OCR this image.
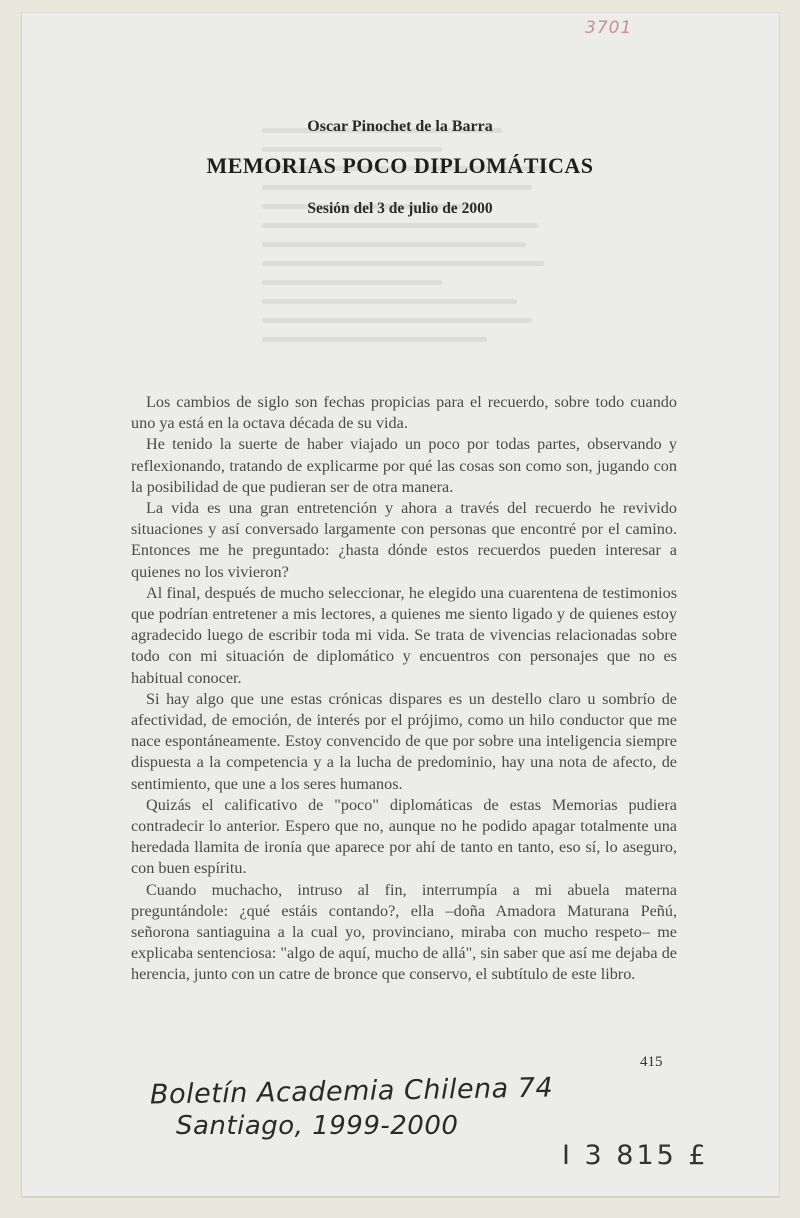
3701
Oscar Pinochet de la Barra
MEMORIAS POCO DIPLOMÁTICAS
Sesión del 3 de julio de 2000

Los cambios de siglo son fechas propicias para el recuerdo, sobre todo cuando uno ya está en la octava década de su vida.

He tenido la suerte de haber viajado un poco por todas partes, observando y reflexionando, tratando de explicarme por qué las cosas son como son, jugando con la posibilidad de que pudieran ser de otra manera.

La vida es una gran entretención y ahora a través del recuerdo he revivido situaciones y así conversado largamente con personas que encontré por el camino. Entonces me he preguntado: ¿hasta dónde estos recuerdos pueden interesar a quienes no los vivieron?

Al final, después de mucho seleccionar, he elegido una cuarentena de testimonios que podrían entretener a mis lectores, a quienes me siento ligado y de quienes estoy agradecido luego de escribir toda mi vida. Se trata de vivencias relacionadas sobre todo con mi situación de diplomático y encuentros con personajes que no es habitual conocer.

Si hay algo que une estas crónicas dispares es un destello claro u sombrío de afectividad, de emoción, de interés por el prójimo, como un hilo conductor que me nace espontáneamente. Estoy convencido de que por sobre una inteligencia siempre dispuesta a la competencia y a la lucha de predominio, hay una nota de afecto, de sentimiento, que une a los seres humanos.

Quizás el calificativo de "poco" diplomáticas de estas Memorias pudiera contradecir lo anterior. Espero que no, aunque no he podido apagar totalmente una heredada llamita de ironía que aparece por ahí de tanto en tanto, eso sí, lo aseguro, con buen espíritu.

Cuando muchacho, intruso al fin, interrumpía a mi abuela materna preguntándole: ¿qué estáis contando?, ella –doña Amadora Maturana Peñú, señorona santiaguina a la cual yo, provinciano, miraba con mucho respeto– me explicaba sentenciosa: "algo de aquí, mucho de allá", sin saber que así me dejaba de herencia, junto con un catre de bronce que conservo, el subtítulo de este libro.

415
Boletín Academia Chilena 74
Santiago, 1999-2000
I 3 815 £
